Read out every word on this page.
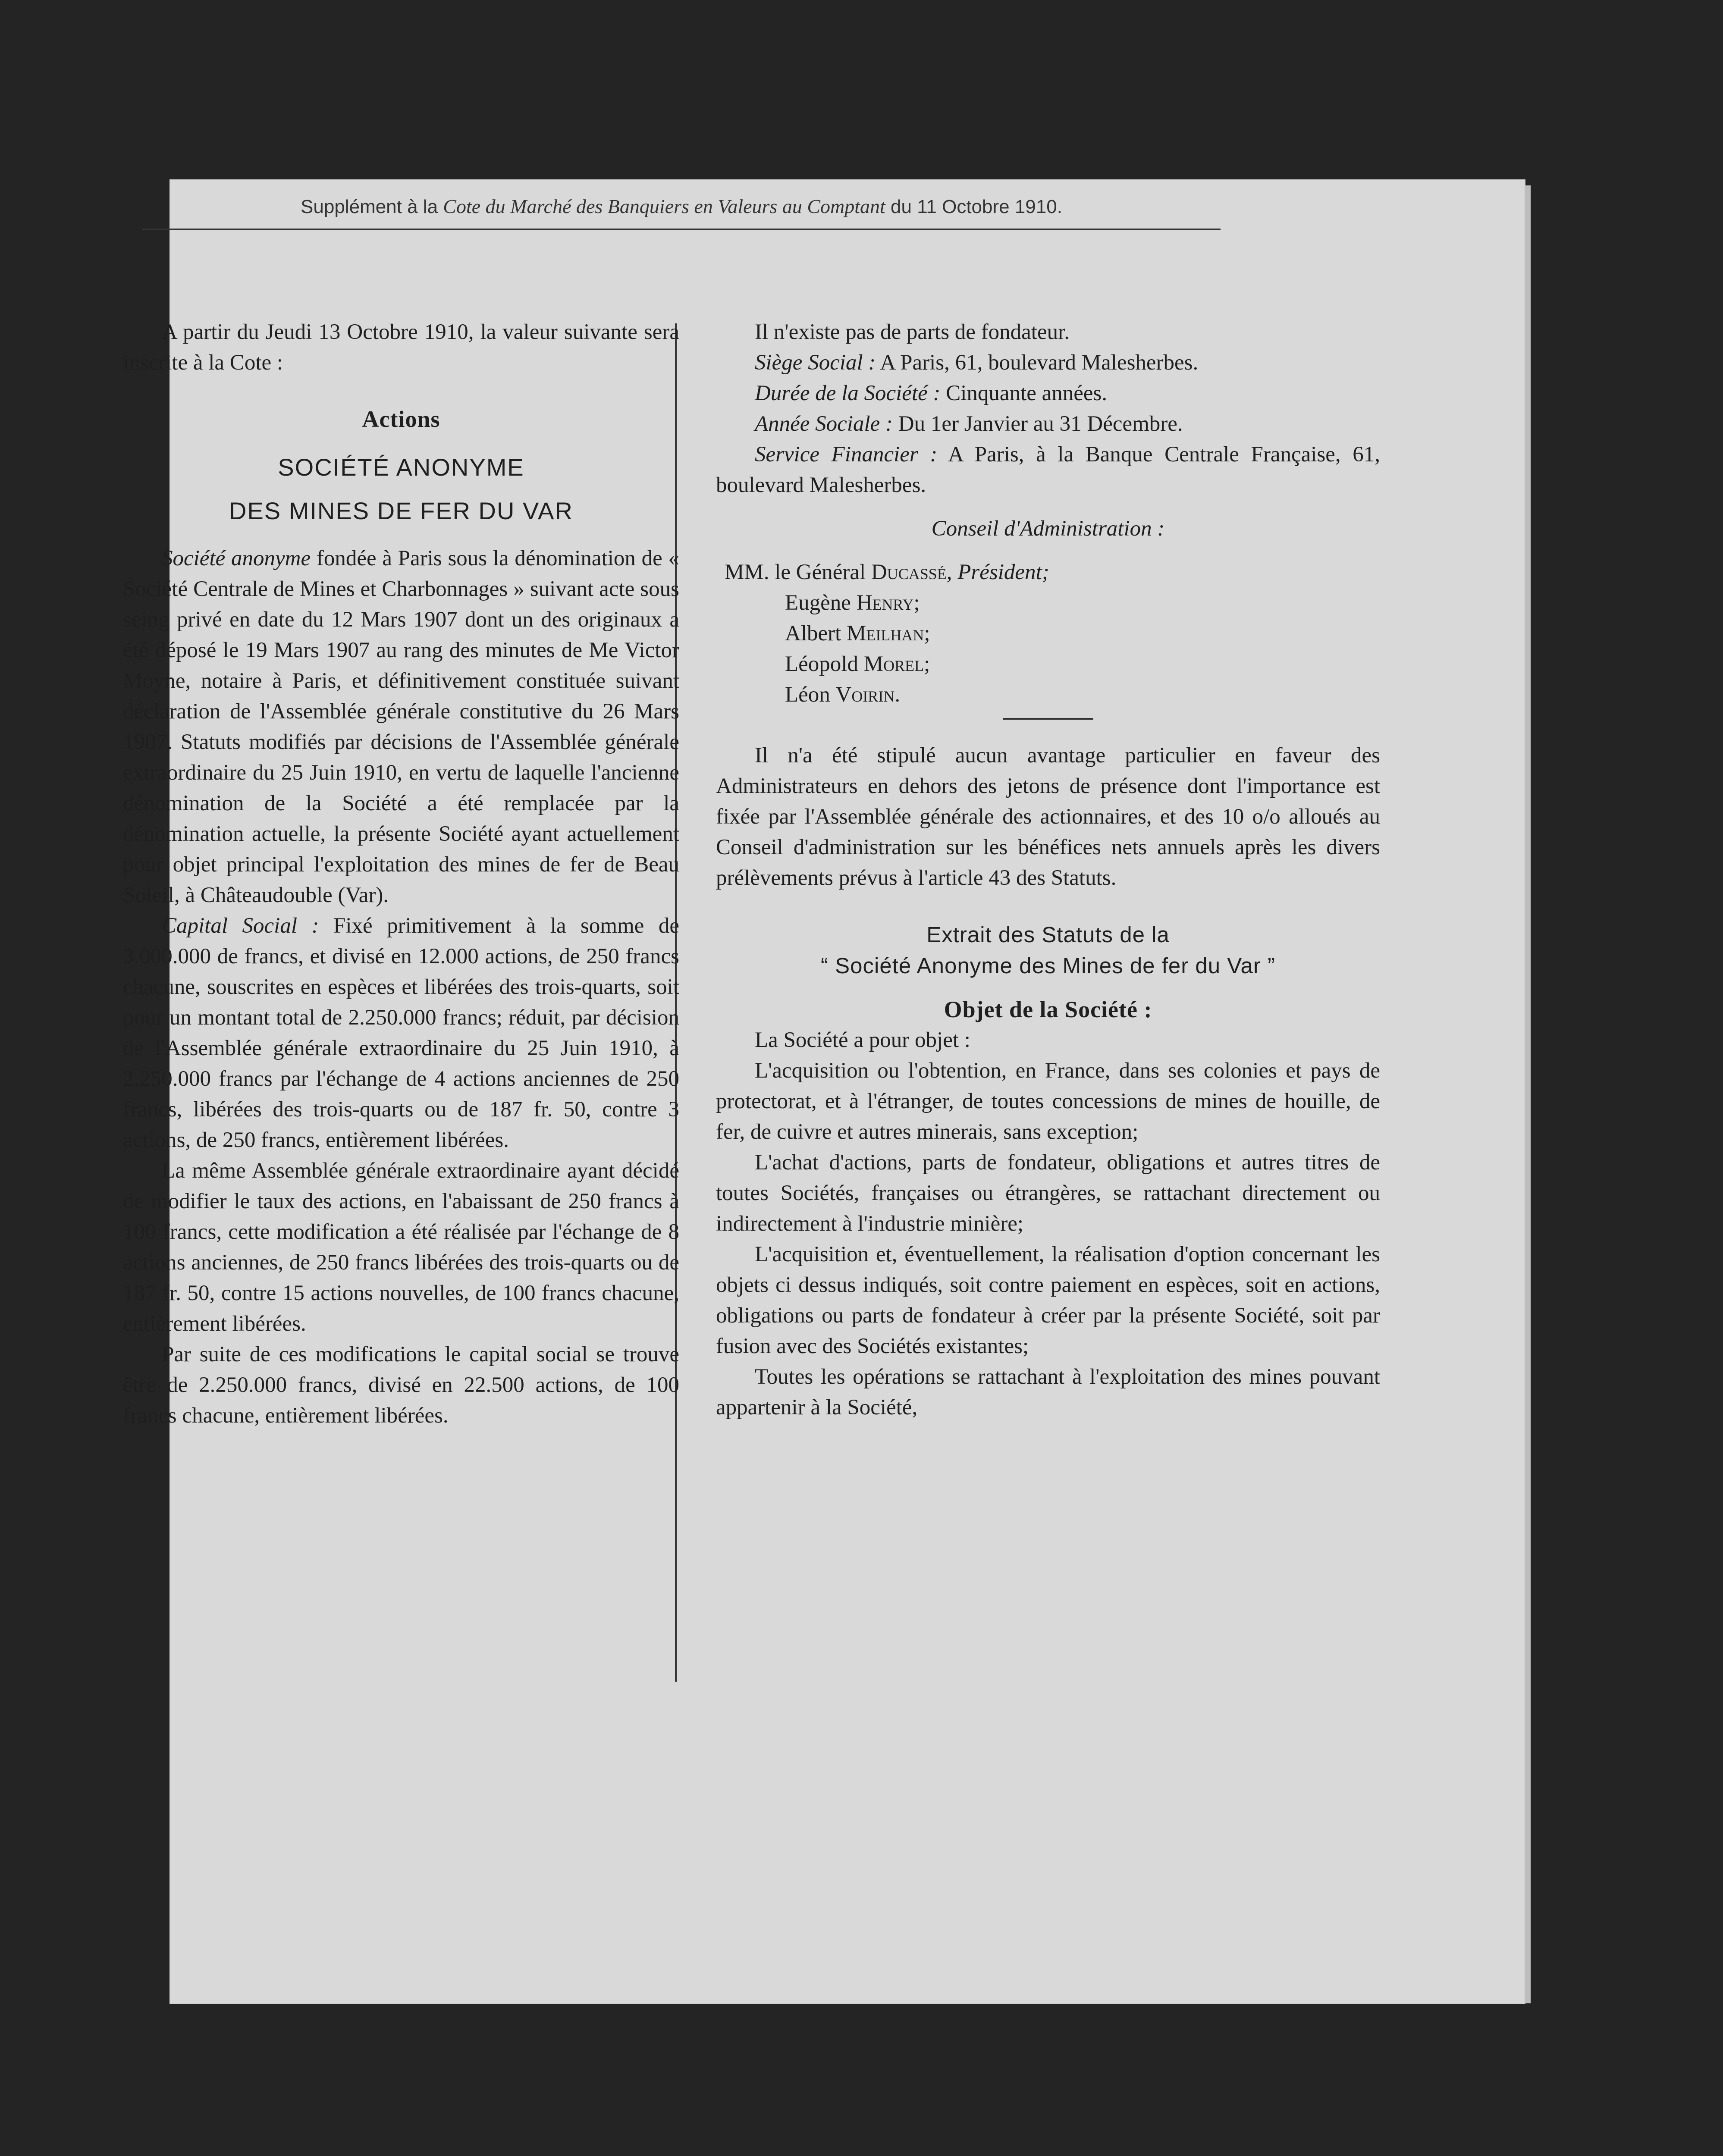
Supplément à la Cote du Marché des Banquiers en Valeurs au Comptant du 11 Octobre 1910.

A partir du Jeudi 13 Octobre 1910, la valeur suivante sera inscrite à la Cote :

Actions

SOCIÉTÉ ANONYME

DES MINES DE FER DU VAR

Société anonyme fondée à Paris sous la dénomination de « Société Centrale de Mines et Charbonnages » suivant acte sous seing privé en date du 12 Mars 1907 dont un des originaux a été déposé le 19 Mars 1907 au rang des minutes de Me Victor Moyne, notaire à Paris, et définitivement constituée suivant déclaration de l'Assemblée générale constitutive du 26 Mars 1907. Statuts modifiés par décisions de l'Assemblée générale extraordinaire du 25 Juin 1910, en vertu de laquelle l'ancienne dénomination de la Société a été remplacée par la dénomination actuelle, la présente Société ayant actuellement pour objet principal l'exploitation des mines de fer de Beau Soleil, à Châteaudouble (Var).

Capital Social : Fixé primitivement à la somme de 3.000.000 de francs, et divisé en 12.000 actions, de 250 francs chacune, souscrites en espèces et libérées des trois-quarts, soit pour un montant total de 2.250.000 francs; réduit, par décision de l'Assemblée générale extraordinaire du 25 Juin 1910, à 2.250.000 francs par l'échange de 4 actions anciennes de 250 francs, libérées des trois-quarts ou de 187 fr. 50, contre 3 actions, de 250 francs, entièrement libérées.

La même Assemblée générale extraordinaire ayant décidé de modifier le taux des actions, en l'abaissant de 250 francs à 100 francs, cette modification a été réalisée par l'échange de 8 actions anciennes, de 250 francs libérées des trois-quarts ou de 187 fr. 50, contre 15 actions nouvelles, de 100 francs chacune, entièrement libérées.

Par suite de ces modifications le capital social se trouve être de 2.250.000 francs, divisé en 22.500 actions, de 100 francs chacune, entièrement libérées.

Il n'existe pas de parts de fondateur.

Siège Social : A Paris, 61, boulevard Malesherbes.

Durée de la Société : Cinquante années.

Année Sociale : Du 1er Janvier au 31 Décembre.

Service Financier : A Paris, à la Banque Centrale Française, 61, boulevard Malesherbes.

Conseil d'Administration :

MM. le Général Ducassé, Président;

Eugène Henry;

Albert Meilhan;

Léopold Morel;

Léon Voirin.

Il n'a été stipulé aucun avantage particulier en faveur des Administrateurs en dehors des jetons de présence dont l'importance est fixée par l'Assemblée générale des actionnaires, et des 10 o/o alloués au Conseil d'administration sur les bénéfices nets annuels après les divers prélèvements prévus à l'article 43 des Statuts.

Extrait des Statuts de la

“ Société Anonyme des Mines de fer du Var ”

Objet de la Société :

La Société a pour objet :

L'acquisition ou l'obtention, en France, dans ses colonies et pays de protectorat, et à l'étranger, de toutes concessions de mines de houille, de fer, de cuivre et autres minerais, sans exception;

L'achat d'actions, parts de fondateur, obligations et autres titres de toutes Sociétés, françaises ou étrangères, se rattachant directement ou indirectement à l'industrie minière;

L'acquisition et, éventuellement, la réalisation d'option concernant les objets ci dessus indiqués, soit contre paiement en espèces, soit en actions, obligations ou parts de fondateur à créer par la présente Société, soit par fusion avec des Sociétés existantes;

Toutes les opérations se rattachant à l'exploitation des mines pouvant appartenir à la Société,
